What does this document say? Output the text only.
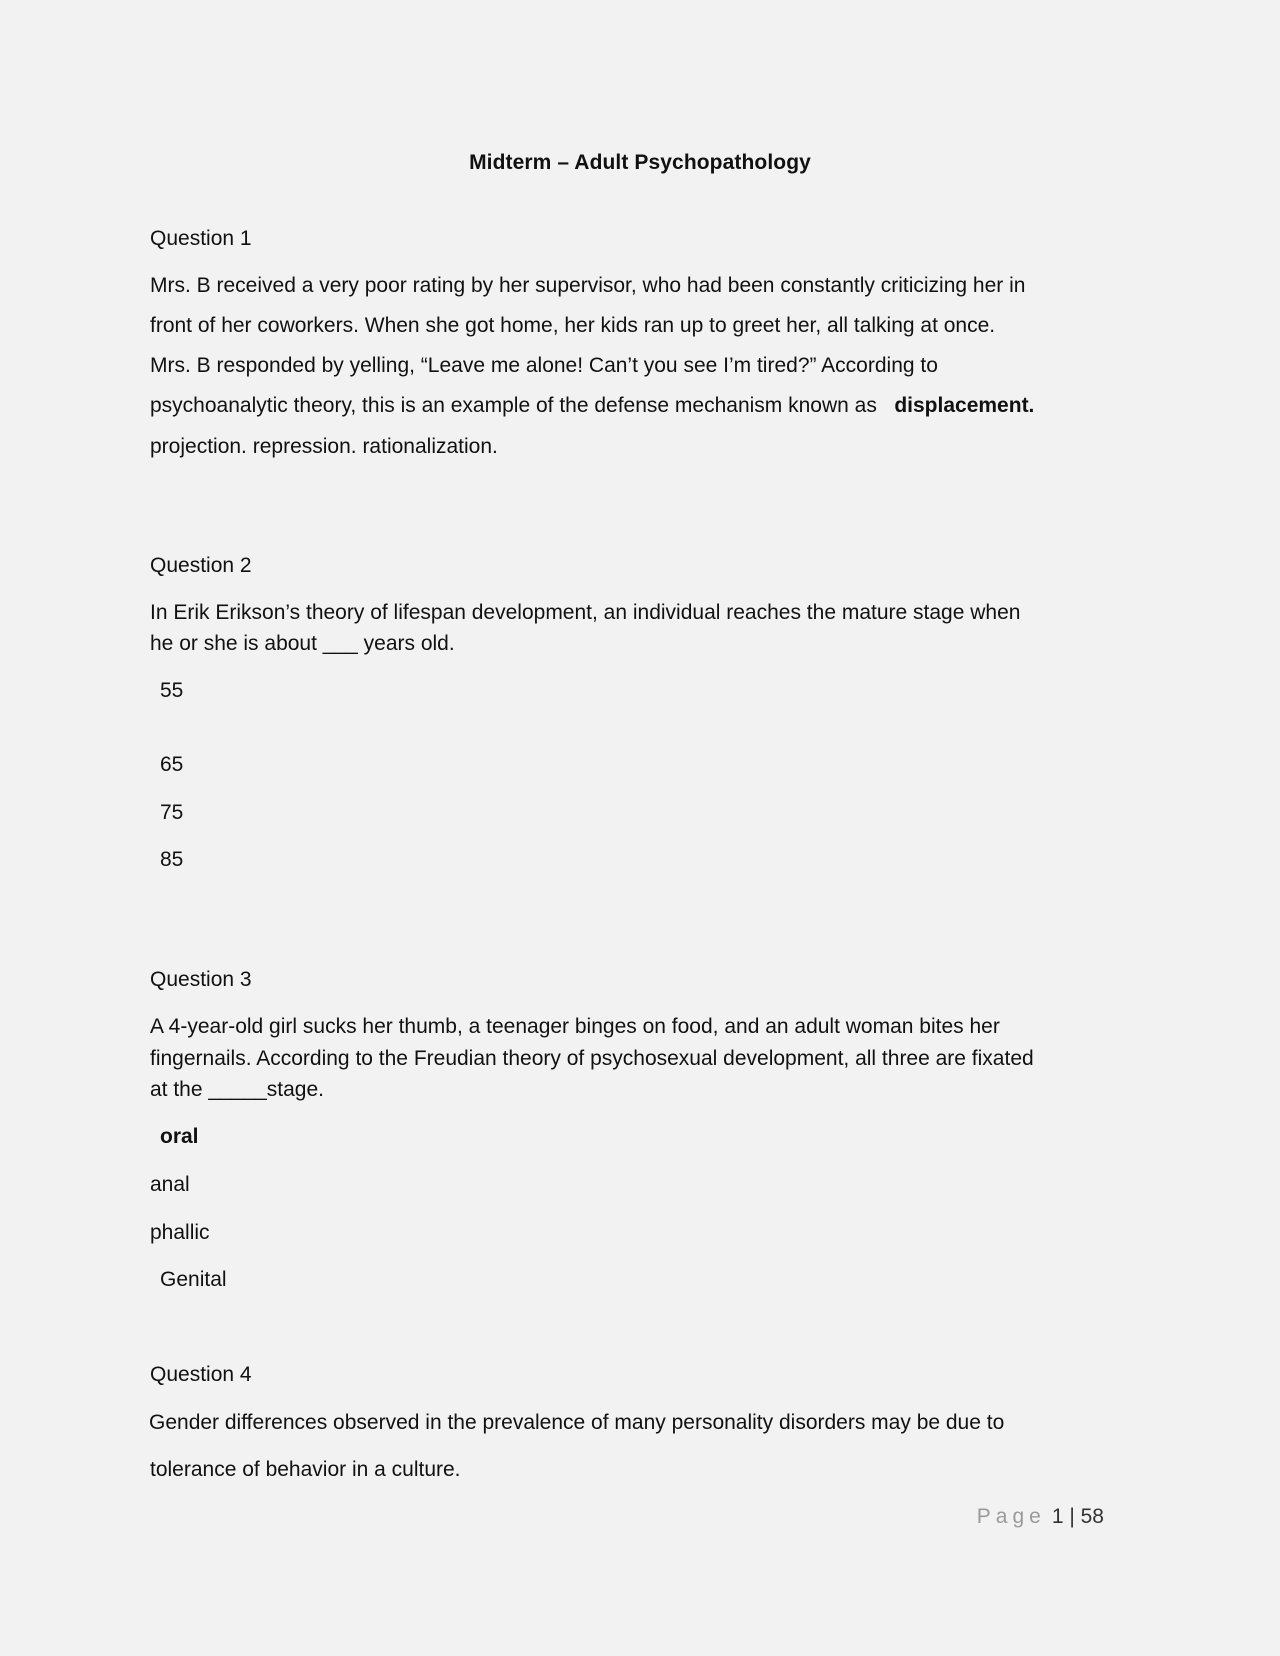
Midterm – Adult Psychopathology
Question 1
Mrs. B received a very poor rating by her supervisor, who had been constantly criticizing her in
front of her coworkers. When she got home, her kids ran up to greet her, all talking at once.
Mrs. B responded by yelling, “Leave me alone! Can’t you see I’m tired?” According to
psychoanalytic theory, this is an example of the defense mechanism known as   displacement.
projection. repression. rationalization.
Question 2
In Erik Erikson’s theory of lifespan development, an individual reaches the mature stage when
he or she is about ___ years old.
55
65
75
85
Question 3
A 4-year-old girl sucks her thumb, a teenager binges on food, and an adult woman bites her
fingernails. According to the Freudian theory of psychosexual development, all three are fixated
at the _____stage.
oral
anal
phallic
Genital
Question 4
Gender differences observed in the prevalence of many personality disorders may be due to
tolerance of behavior in a culture.
Page 1 | 58
